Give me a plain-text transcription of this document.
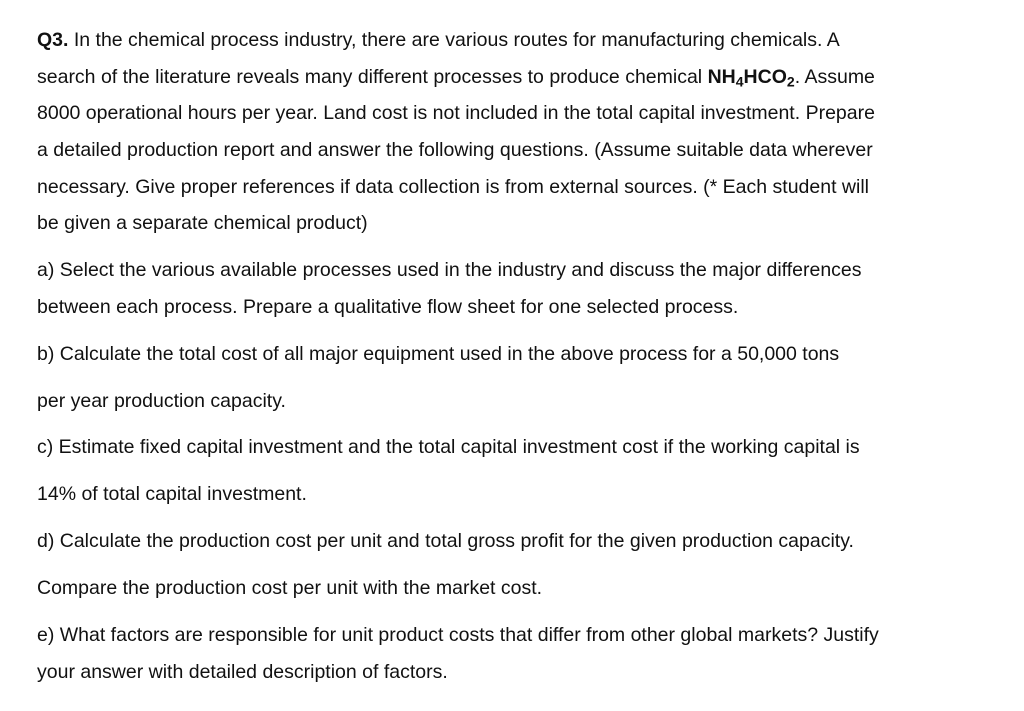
Q3. In the chemical process industry, there are various routes for manufacturing chemicals. A
search of the literature reveals many different processes to produce chemical $NH_4HCO_2$. Assume
8000 operational hours per year. Land cost is not included in the total capital investment. Prepare
a detailed production report and answer the following questions. (Assume suitable data wherever
necessary. Give proper references if data collection is from external sources. (* Each student will
be given a separate chemical product)
a) Select the various available processes used in the industry and discuss the major differences
between each process. Prepare a qualitative flow sheet for one selected process.
b) Calculate the total cost of all major equipment used in the above process for a 50,000 tons
per year production capacity.
c) Estimate fixed capital investment and the total capital investment cost if the working capital is
14% of total capital investment.
d) Calculate the production cost per unit and total gross profit for the given production capacity.
Compare the production cost per unit with the market cost.
e) What factors are responsible for unit product costs that differ from other global markets? Justify
your answer with detailed description of factors.
